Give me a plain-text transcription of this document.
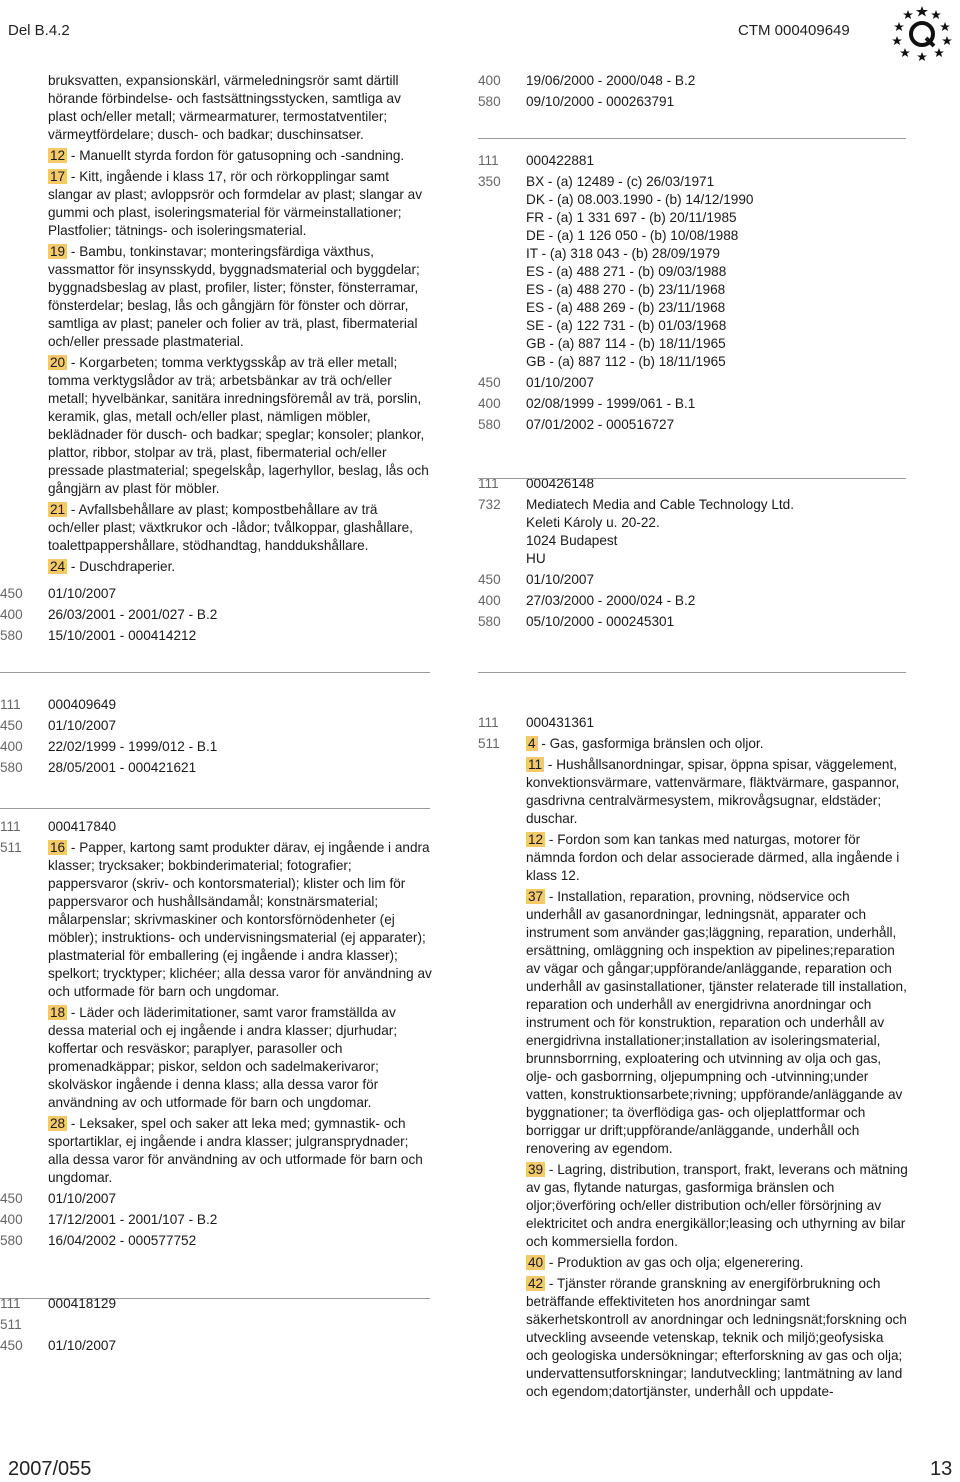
Del B.4.2	CTM 000409649
bruksvatten, expansionskärl, värmeledningsrör samt därtill hörande förbindelse- och fastsättningsstycken, samtliga av plast och/eller metall; värmearmaturer, termostatventiler; värmeytfördelare; dusch- och badkar; duschinsatser.
12 - Manuellt styrda fordon för gatusopning och -sandning.
17 - Kitt, ingående i klass 17, rör och rörkopplingar samt slangar av plast; avloppsrör och formdelar av plast; slangar av gummi och plast, isoleringsmaterial för värmeinstallationer; Plastfolier; tätnings- och isoleringsmaterial.
19 - Bambu, tonkinstavar; monteringsfärdiga växthus, vassmattor för insynsskydd, byggnadsmaterial och byggdelar; byggnadsbeslag av plast, profiler, lister; fönster, fönsterramar, fönsterdelar; beslag, lås och gångjärn för fönster och dörrar, samtliga av plast; paneler och folier av trä, plast, fibermaterial och/eller pressade plastmaterial.
20 - Korgarbeten; tomma verktygsskåp av trä eller metall; tomma verktygslådor av trä; arbetsbänkar av trä och/eller metall; hyvelbänkar, sanitära inredningsföremål av trä, porslin, keramik, glas, metall och/eller plast, nämligen möbler, beklädnader för dusch- och badkar; speglar; konsoler; plankor, plattor, ribbor, stolpar av trä, plast, fibermaterial och/eller pressade plastmaterial; spegelskåp, lagerhyllor, beslag, lås och gångjärn av plast för möbler.
21 - Avfallsbehållare av plast; kompostbehållare av trä och/eller plast; växtkrukor och -lådor; tvålkoppar, glashållare, toalettpappershållare, stödhandtag, handdukshållare.
24 - Duschdraperier.
450	01/10/2007
400	26/03/2001 - 2001/027 - B.2
580	15/10/2001 - 000414212
400	19/06/2000 - 2000/048 - B.2
580	09/10/2000 - 000263791
111	000422881
350	BX - (a) 12489 - (c) 26/03/1971
DK - (a) 08.003.1990 - (b) 14/12/1990
FR - (a) 1 331 697 - (b) 20/11/1985
DE - (a) 1 126 050 - (b) 10/08/1988
IT - (a) 318 043 - (b) 28/09/1979
ES - (a) 488 271 - (b) 09/03/1988
ES - (a) 488 270 - (b) 23/11/1968
ES - (a) 488 269 - (b) 23/11/1968
SE - (a) 122 731 - (b) 01/03/1968
GB - (a) 887 114 - (b) 18/11/1965
GB - (a) 887 112 - (b) 18/11/1965
450	01/10/2007
400	02/08/1999 - 1999/061 - B.1
580	07/01/2002 - 000516727
111	000426148
732	Mediatech Media and Cable Technology Ltd.
Keleti Károly u. 20-22.
1024 Budapest
HU
450	01/10/2007
400	27/03/2000 - 2000/024 - B.2
580	05/10/2000 - 000245301
111	000409649
450	01/10/2007
400	22/02/1999 - 1999/012 - B.1
580	28/05/2001 - 000421621
111	000417840
511	16 - Papper, kartong samt produkter därav, ej ingående i andra klasser; trycksaker; bokbinderimaterial; fotografier; pappersvaror (skriv- och kontorsmaterial); klister och lim för pappersvaror och hushållsändamål; konstnärsmaterial; målarpenslar; skrivmaskiner och kontorsförnödenheter (ej möbler); instruktions- och undervisningsmaterial (ej apparater); plastmaterial för emballering (ej ingående i andra klasser); spelkort; trycktyper; klichéer; alla dessa varor för användning av och utformade för barn och ungdomar.
18 - Läder och läderimitationer, samt varor framställda av dessa material och ej ingående i andra klasser; djurhudar; koffertar och resväskor; paraplyer, parasoller och promenadkäppar; piskor, seldon och sadelmakerivaror; skolväskor ingående i denna klass; alla dessa varor för användning av och utformade för barn och ungdomar.
28 - Leksaker, spel och saker att leka med; gymnastik- och sportartiklar, ej ingående i andra klasser; julgransprydnader; alla dessa varor för användning av och utformade för barn och ungdomar.
450	01/10/2007
400	17/12/2001 - 2001/107 - B.2
580	16/04/2002 - 000577752
111	000418129
511

450	01/10/2007
111	000431361
511	4 - Gas, gasformiga bränslen och oljor.
11 - Hushållsanordningar, spisar, öppna spisar, väggelement, konvektionsvärmare, vattenvärmare, fläktvärmare, gaspannor, gasdrivna centralvärmesystem, mikrovågsugnar, eldstäder; duschar.
12 - Fordon som kan tankas med naturgas, motorer för nämnda fordon och delar associerade därmed, alla ingående i klass 12.
37 - Installation, reparation, provning, nödservice och underhåll av gasanordningar, ledningsnät, apparater och instrument som använder gas;läggning, reparation, underhåll, ersättning, omläggning och inspektion av pipelines;reparation av vägar och gångar;uppförande/anläggande, reparation och underhåll av gasinstallationer, tjänster relaterade till installation, reparation och underhåll av energidrivna anordningar och instrument och för konstruktion, reparation och underhåll av energidrivna installationer;installation av isoleringsmaterial, brunnsborrning, exploatering och utvinning av olja och gas, olje- och gasborrning, oljepumpning och -utvinning;under vatten, konstruktionsarbete;rivning; uppförande/anläggande av byggnationer; ta överflödiga gas- och oljeplattformar och borriggar ur drift;uppförande/anläggande, underhåll och renovering av egendom.
39 - Lagring, distribution, transport, frakt, leverans och mätning av gas, flytande naturgas, gasformiga bränslen och oljor;överföring och/eller distribution och/eller försörjning av elektricitet och andra energikällor;leasing och uthyrning av bilar och kommersiella fordon.
40 - Produktion av gas och olja; elgenerering.
42 - Tjänster rörande granskning av energiförbrukning och beträffande effektiviteten hos anordningar samt säkerhetskontroll av anordningar och ledningsnät;forskning och utveckling avseende vetenskap, teknik och miljö;geofysiska och geologiska undersökningar; efterforskning av gas och olja; undervattensutforskningar; landutveckling; lantmätning av land och egendom;datortjänster, underhåll och uppdate-
2007/055	13
